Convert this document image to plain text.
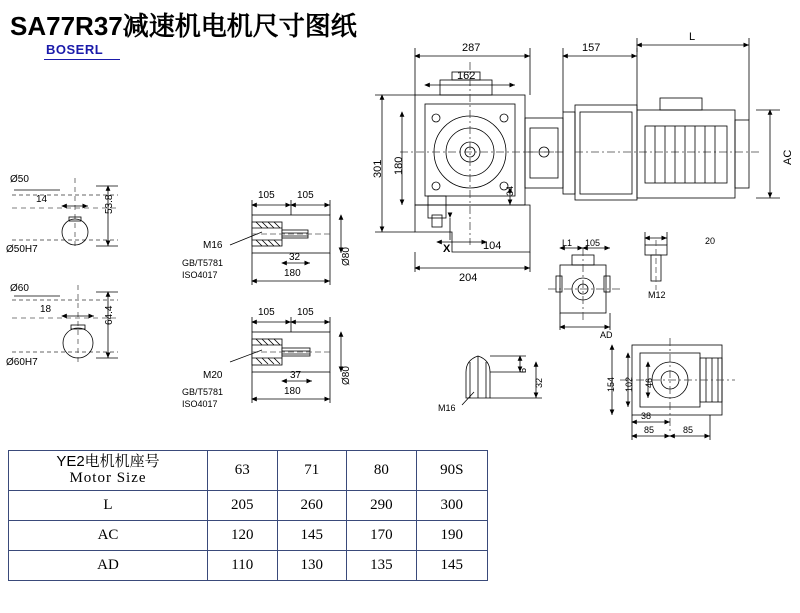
SA77R37减速机电机尺寸图纸
BOSERL
Ø50
14	53.8
Ø50H7
Ø60
18	64.4
Ø60H7
105 105
M16
GB/T5781
ISO4017
32
180
Ø80
105 105
M20
GB/T5781
ISO4017
37
180
Ø80
287
162
157
L
301 180
34
104
204
AC
X	L1 105	20
M12
AD
M16
6
32	154 102 46
38
85	85
YE2电机机座号
Motor Size	63	71	80	90S

L	205	260	290	300
AC	120	145	170	190
AD	110	130	135	145
